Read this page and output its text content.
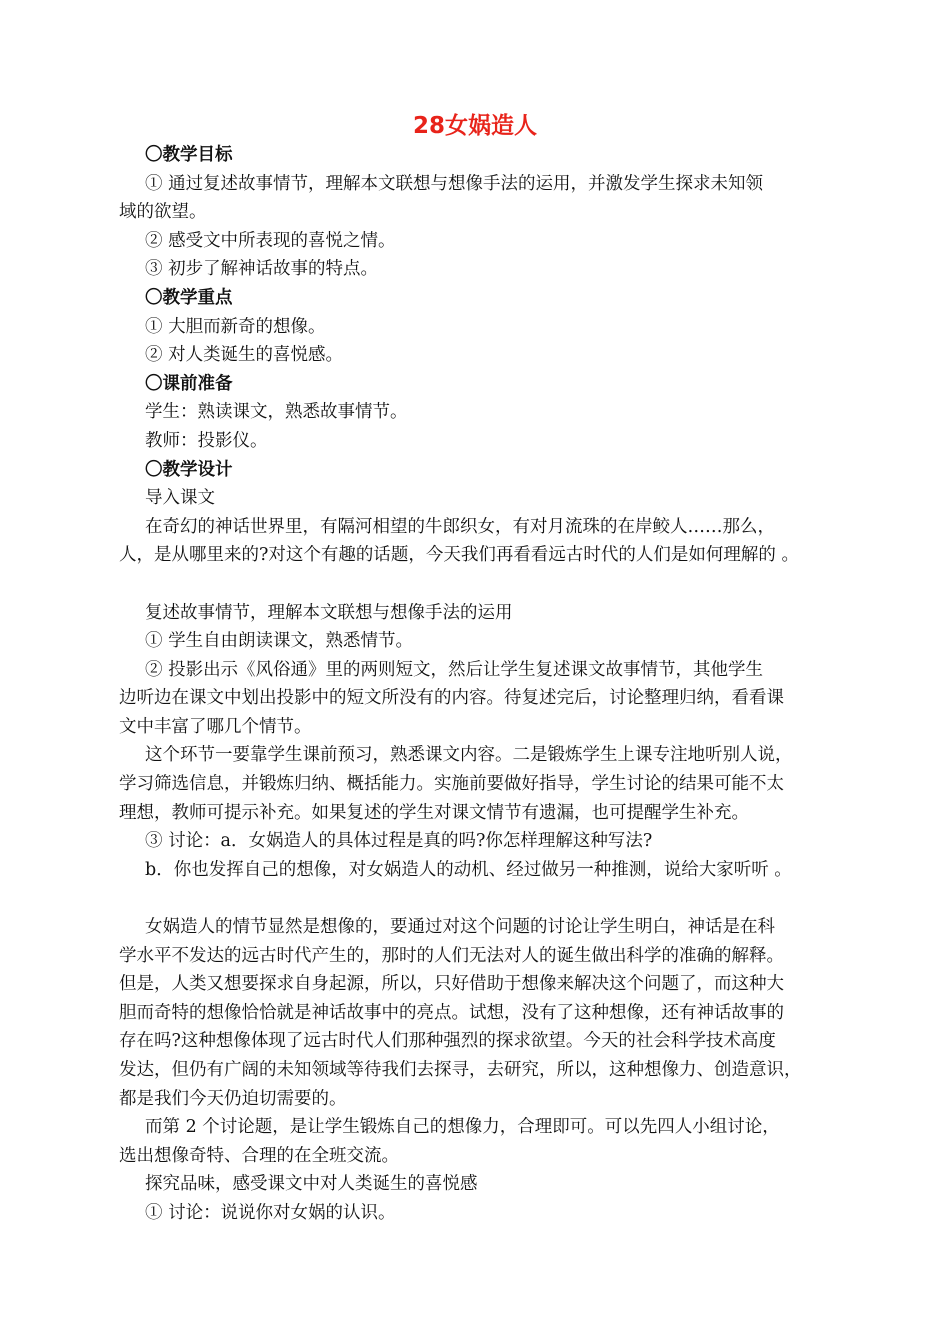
28女娲造人

〇教学目标

① 通过复述故事情节，理解本文联想与想像手法的运用，并激发学生探求未知领

域的欲望。

② 感受文中所表现的喜悦之情。

③ 初步了解神话故事的特点。

〇教学重点

① 大胆而新奇的想像。

② 对人类诞生的喜悦感。

〇课前准备

学生：熟读课文，熟悉故事情节。

教师：投影仪。

〇教学设计

导入课文

在奇幻的神话世界里，有隔河相望的牛郎织女，有对月流珠的在岸鲛人……那么，

人，是从哪里来的?对这个有趣的话题，今天我们再看看远古时代的人们是如何理解的 。

复述故事情节，理解本文联想与想像手法的运用

① 学生自由朗读课文，熟悉情节。

② 投影出示《风俗通》里的两则短文，然后让学生复述课文故事情节，其他学生

边听边在课文中划出投影中的短文所没有的内容。待复述完后，讨论整理归纳，看看课

文中丰富了哪几个情节。

这个环节一要靠学生课前预习，熟悉课文内容。二是锻炼学生上课专注地听别人说，

学习筛选信息，并锻炼归纳、概括能力。实施前要做好指导，学生讨论的结果可能不太

理想，教师可提示补充。如果复述的学生对课文情节有遗漏，也可提醒学生补充。

③ 讨论：a．女娲造人的具体过程是真的吗?你怎样理解这种写法?

b．你也发挥自己的想像，对女娲造人的动机、经过做另一种推测，说给大家听听 。

女娲造人的情节显然是想像的，要通过对这个问题的讨论让学生明白，神话是在科

学水平不发达的远古时代产生的，那时的人们无法对人的诞生做出科学的准确的解释。

但是，人类又想要探求自身起源，所以，只好借助于想像来解决这个问题了，而这种大

胆而奇特的想像恰恰就是神话故事中的亮点。试想，没有了这种想像，还有神话故事的

存在吗?这种想像体现了远古时代人们那种强烈的探求欲望。今天的社会科学技术高度

发达，但仍有广阔的未知领域等待我们去探寻，去研究，所以，这种想像力、创造意识，

都是我们今天仍迫切需要的。

而第 2 个讨论题，是让学生锻炼自己的想像力，合理即可。可以先四人小组讨论，

选出想像奇特、合理的在全班交流。

探究品味，感受课文中对人类诞生的喜悦感

① 讨论：说说你对女娲的认识。
